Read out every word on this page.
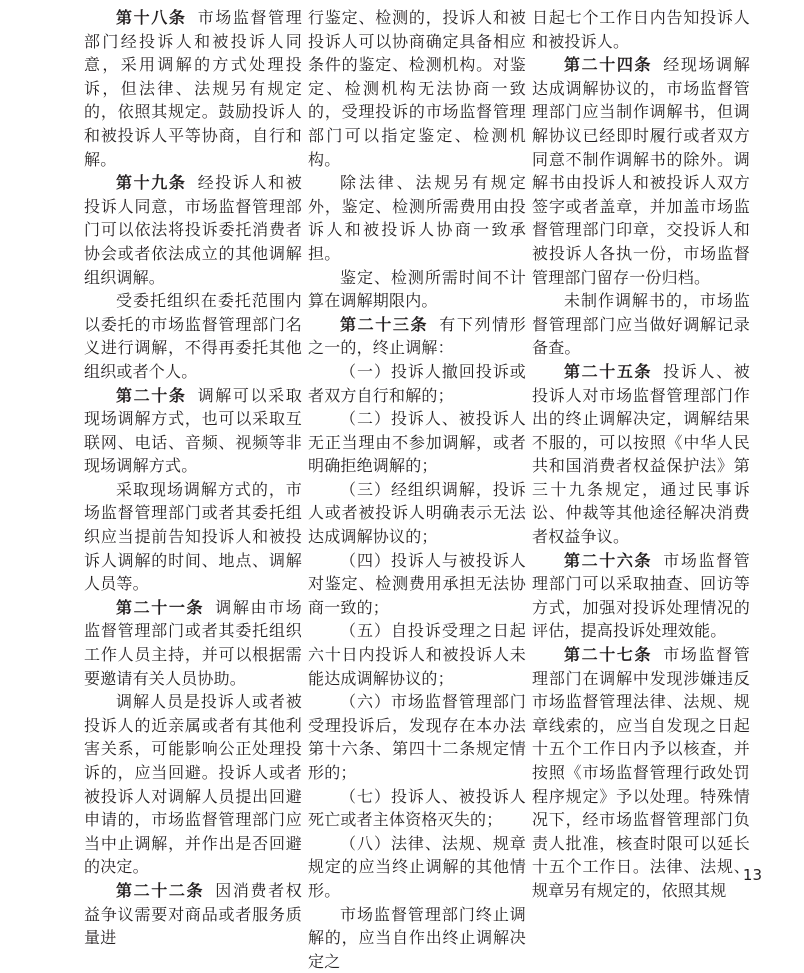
第十八条 市场监督管理部门经投诉人和被投诉人同意，采用调解的方式处理投诉，但法律、法规另有规定的，依照其规定。鼓励投诉人和被投诉人平等协商，自行和解。

第十九条 经投诉人和被投诉人同意，市场监督管理部门可以依法将投诉委托消费者协会或者依法成立的其他调解组织调解。

受委托组织在委托范围内以委托的市场监督管理部门名义进行调解，不得再委托其他组织或者个人。

第二十条 调解可以采取现场调解方式，也可以采取互联网、电话、音频、视频等非现场调解方式。

采取现场调解方式的，市场监督管理部门或者其委托组织应当提前告知投诉人和被投诉人调解的时间、地点、调解人员等。

第二十一条 调解由市场监督管理部门或者其委托组织工作人员主持，并可以根据需要邀请有关人员协助。

调解人员是投诉人或者被投诉人的近亲属或者有其他利害关系，可能影响公正处理投诉的，应当回避。投诉人或者被投诉人对调解人员提出回避申请的，市场监督管理部门应当中止调解，并作出是否回避的决定。

第二十二条 因消费者权益争议需要对商品或者服务质量进

行鉴定、检测的，投诉人和被投诉人可以协商确定具备相应条件的鉴定、检测机构。对鉴定、检测机构无法协商一致的，受理投诉的市场监督管理部门可以指定鉴定、检测机构。

除法律、法规另有规定外，鉴定、检测所需费用由投诉人和被投诉人协商一致承担。

鉴定、检测所需时间不计算在调解期限内。

第二十三条 有下列情形之一的，终止调解：

（一）投诉人撤回投诉或者双方自行和解的；

（二）投诉人、被投诉人无正当理由不参加调解，或者明确拒绝调解的；

（三）经组织调解，投诉人或者被投诉人明确表示无法达成调解协议的；

（四）投诉人与被投诉人对鉴定、检测费用承担无法协商一致的；

（五）自投诉受理之日起六十日内投诉人和被投诉人未能达成调解协议的；

（六）市场监督管理部门受理投诉后，发现存在本办法第十六条、第四十二条规定情形的；

（七）投诉人、被投诉人死亡或者主体资格灭失的；

（八）法律、法规、规章规定的应当终止调解的其他情形。

市场监督管理部门终止调解的，应当自作出终止调解决定之

日起七个工作日内告知投诉人和被投诉人。

第二十四条 经现场调解达成调解协议的，市场监督管理部门应当制作调解书，但调解协议已经即时履行或者双方同意不制作调解书的除外。调解书由投诉人和被投诉人双方签字或者盖章，并加盖市场监督管理部门印章，交投诉人和被投诉人各执一份，市场监督管理部门留存一份归档。

未制作调解书的，市场监督管理部门应当做好调解记录备查。

第二十五条 投诉人、被投诉人对市场监督管理部门作出的终止调解决定，调解结果不服的，可以按照《中华人民共和国消费者权益保护法》第三十九条规定，通过民事诉讼、仲裁等其他途径解决消费者权益争议。

第二十六条 市场监督管理部门可以采取抽查、回访等方式，加强对投诉处理情况的评估，提高投诉处理效能。

第二十七条 市场监督管理部门在调解中发现涉嫌违反市场监督管理法律、法规、规章线索的，应当自发现之日起十五个工作日内予以核查，并按照《市场监督管理行政处罚程序规定》予以处理。特殊情况下，经市场监督管理部门负责人批准，核查时限可以延长十五个工作日。法律、法规、规章另有规定的，依照其规

13
